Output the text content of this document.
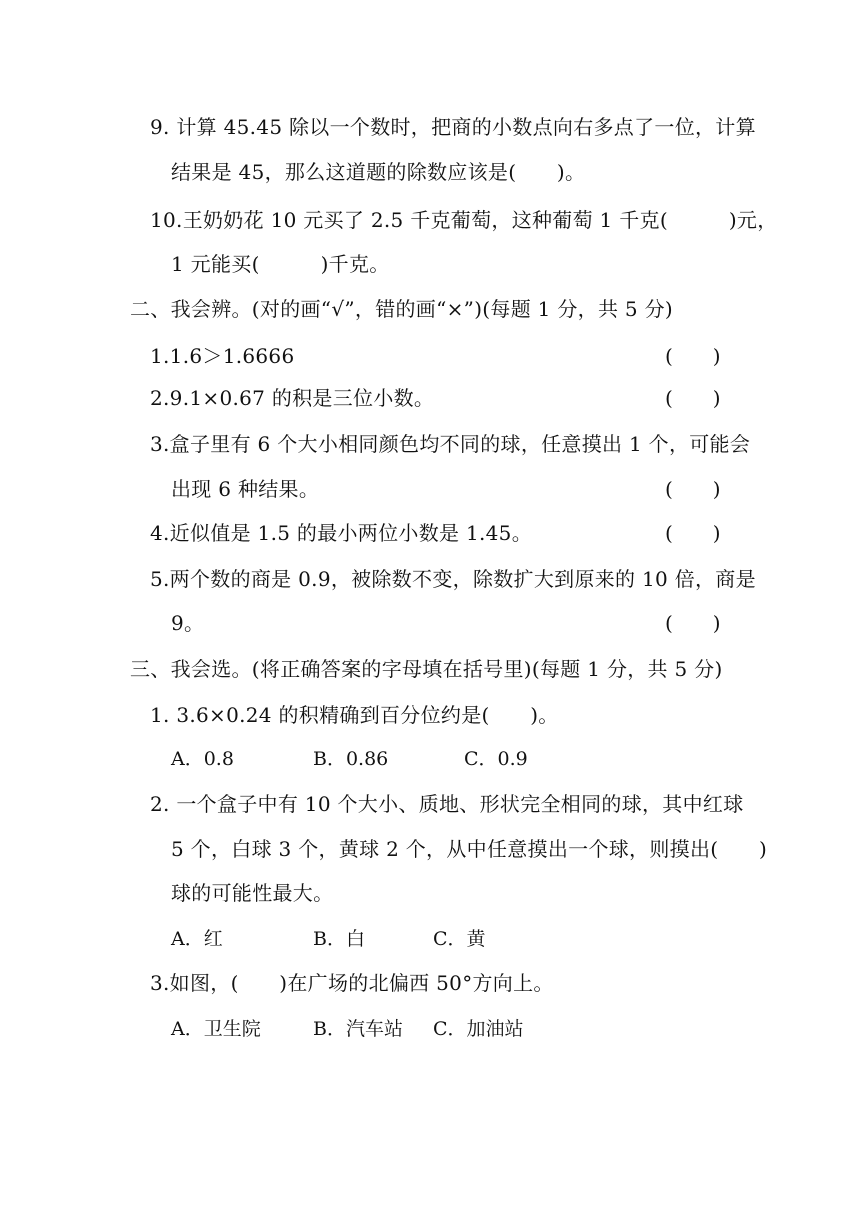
9. 计算 45.45 除以一个数时，把商的小数点向右多点了一位，计算
结果是 45，那么这道题的除数应该是(　　)。
10.王奶奶花 10 元买了 2.5 千克葡萄，这种葡萄 1 千克(　　　)元，
1 元能买(　　　)千克。
二、我会辨。(对的画“√”，错的画“×”)(每题 1 分，共 5 分)
1.1.6＞1.6666	(　　)
2.9.1×0.67 的积是三位小数。	(　　)
3.盒子里有 6 个大小相同颜色均不同的球，任意摸出 1 个，可能会
出现 6 种结果。	(　　)
4.近似值是 1.5 的最小两位小数是 1.45。	(　　)
5.两个数的商是 0.9，被除数不变，除数扩大到原来的 10 倍，商是
9。	(　　)
三、我会选。(将正确答案的字母填在括号里)(每题 1 分，共 5 分)
1. 3.6×0.24 的积精确到百分位约是(　　)。
A．0.8	B．0.86	C．0.9
2. 一个盒子中有 10 个大小、质地、形状完全相同的球，其中红球
5 个，白球 3 个，黄球 2 个，从中任意摸出一个球，则摸出(　　)
球的可能性最大。
A．红	B．白	C．黄
3.如图，(　　)在广场的北偏西 50°方向上。
A．卫生院	B．汽车站 C．加油站
